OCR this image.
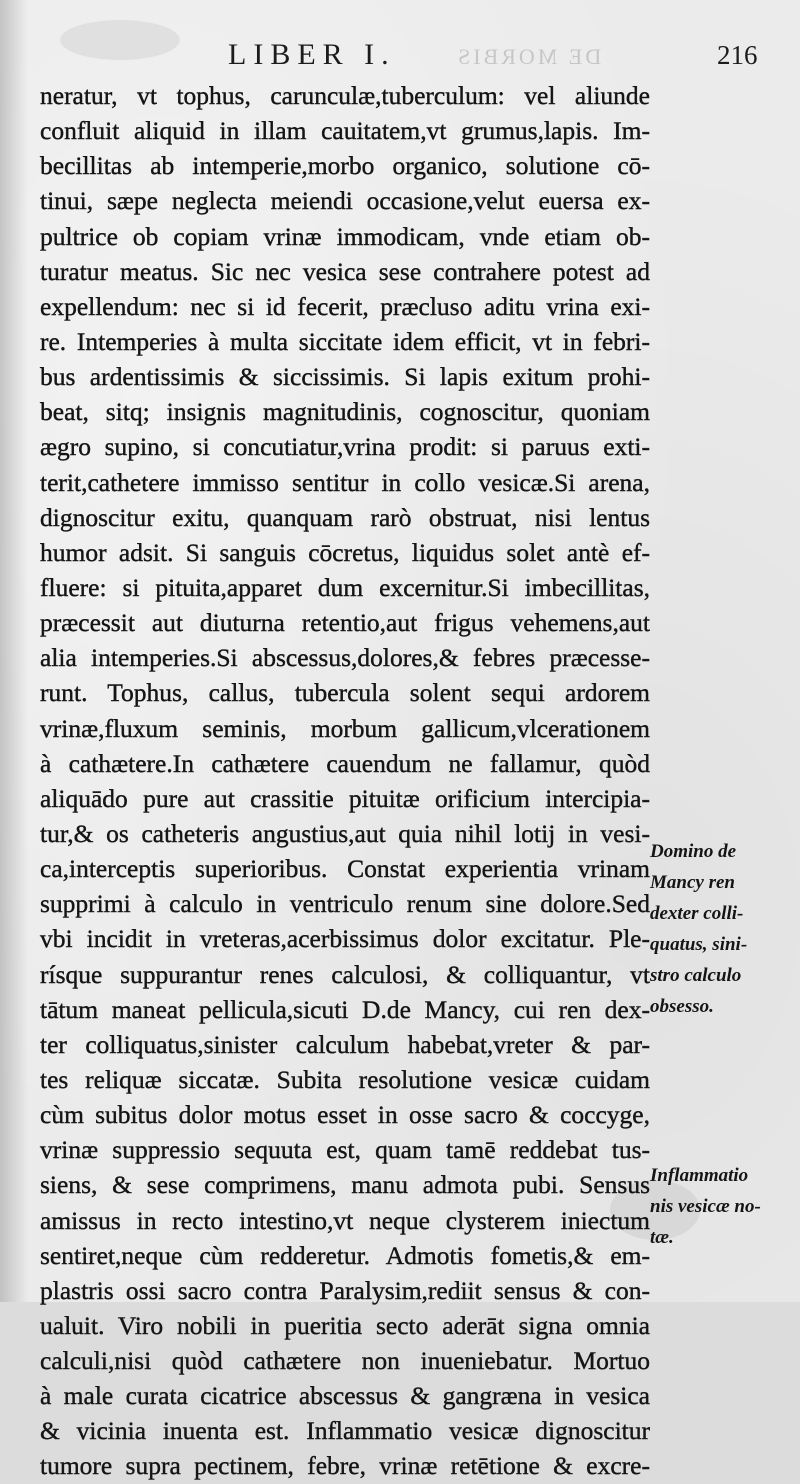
DE MORBIS
LIBER I.	216
neratur, vt tophus, carunculæ,tuberculum: vel aliunde
confluit aliquid in illam cauitatem,vt grumus,lapis. Im-
becillitas ab intemperie,morbo organico, solutione cō-
tinui, sæpe neglecta meiendi occasione,velut euersa ex-
pultrice ob copiam vrinæ immodicam, vnde etiam ob-
turatur meatus. Sic nec vesica sese contrahere potest ad
expellendum: nec si id fecerit, præcluso aditu vrina exi-
re. Intemperies à multa siccitate idem efficit, vt in febri-
bus ardentissimis & siccissimis. Si lapis exitum prohi-
beat, sitq; insignis magnitudinis, cognoscitur, quoniam
ægro supino, si concutiatur,vrina prodit: si paruus exti-
terit,cathetere immisso sentitur in collo vesicæ.Si arena,
dignoscitur exitu, quanquam rarò obstruat, nisi lentus
humor adsit. Si sanguis cōcretus, liquidus solet antè ef-
fluere: si pituita,apparet dum excernitur.Si imbecillitas,
præcessit aut diuturna retentio,aut frigus vehemens,aut
alia intemperies.Si abscessus,dolores,& febres præcesse-
runt. Tophus, callus, tubercula solent sequi ardorem
vrinæ,fluxum seminis, morbum gallicum,vlcerationem
à cathætere.In cathætere cauendum ne fallamur, quòd
aliquādo pure aut crassitie pituitæ orificium intercipia-
tur,& os catheteris angustius,aut quia nihil lotij in vesi-
ca,interceptis superioribus. Constat experientia vrinam
supprimi à calculo in ventriculo renum sine dolore.Sed
vbi incidit in vreteras,acerbissimus dolor excitatur. Ple-
rísque suppurantur renes calculosi, & colliquantur, vt
tātum maneat pellicula,sicuti D.de Mancy, cui ren dex-
ter colliquatus,sinister calculum habebat,vreter & par-
tes reliquæ siccatæ. Subita resolutione vesicæ cuidam
cùm subitus dolor motus esset in osse sacro & coccyge,
vrinæ suppressio sequuta est, quam tamē reddebat tus-
siens, & sese comprimens, manu admota pubi. Sensus
amissus in recto intestino,vt neque clysterem iniectum
sentiret,neque cùm redderetur. Admotis fometis,& em-
plastris ossi sacro contra Paralysim,rediit sensus & con-
ualuit. Viro nobili in pueritia secto aderāt signa omnia
calculi,nisi quòd cathætere non inueniebatur. Mortuo
à male curata cicatrice abscessus & gangræna in vesica
& vicinia inuenta est. Inflammatio vesicæ dignoscitur
tumore supra pectinem, febre, vrinæ retētione & excre-
Domino de
Mancy ren
dexter colli-
quatus, sini-
stro calculo
obsesso.
Inflammatio
nis vesicæ no-
tæ.
